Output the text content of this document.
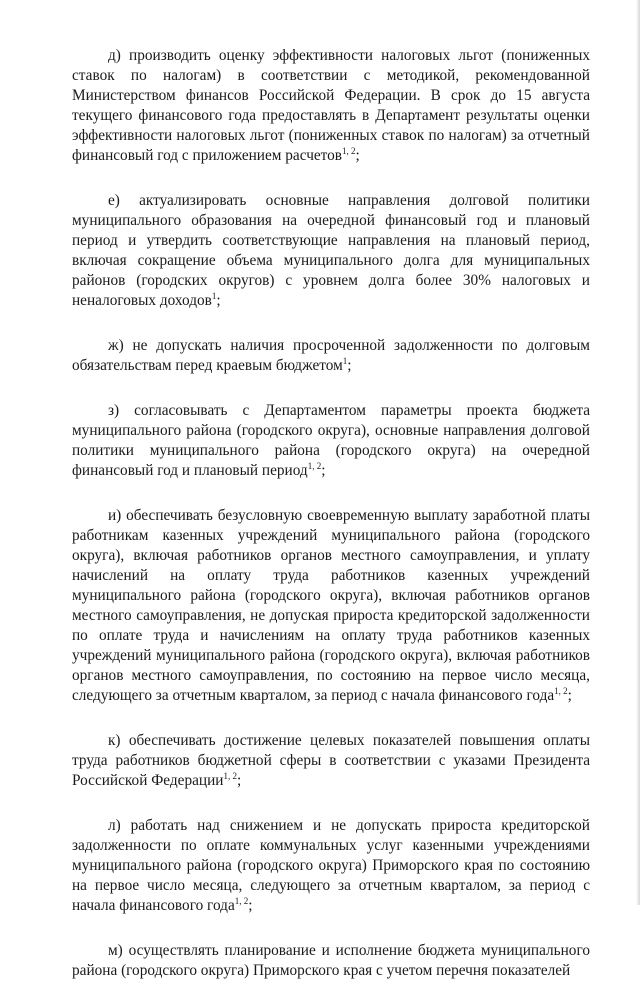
д) производить оценку эффективности налоговых льгот (пониженных ставок по налогам) в соответствии с методикой, рекомендованной Министерством финансов Российской Федерации. В срок до 15 августа текущего финансового года предоставлять в Департамент результаты оценки эффективности налоговых льгот (пониженных ставок по налогам) за отчетный финансовый год с приложением расчетов$^{1, 2}$;

е) актуализировать основные направления долговой политики муниципального образования на очередной финансовый год и плановый период и утвердить соответствующие направления на плановый период, включая сокращение объема муниципального долга для муниципальных районов (городских округов) с уровнем долга более 30% налоговых и неналоговых доходов$^1$;

ж) не допускать наличия просроченной задолженности по долговым обязательствам перед краевым бюджетом$^1$;

з) согласовывать с Департаментом параметры проекта бюджета муниципального района (городского округа), основные направления долговой политики муниципального района (городского округа) на очередной финансовый год и плановый период$^{1, 2}$;

и) обеспечивать безусловную своевременную выплату заработной платы работникам казенных учреждений муниципального района (городского округа), включая работников органов местного самоуправления, и уплату начислений на оплату труда работников казенных учреждений муниципального района (городского округа), включая работников органов местного самоуправления, не допуская прироста кредиторской задолженности по оплате труда и начислениям на оплату труда работников казенных учреждений муниципального района (городского округа), включая работников органов местного самоуправления, по состоянию на первое число месяца, следующего за отчетным кварталом, за период с начала финансового года$^{1, 2}$;

к) обеспечивать достижение целевых показателей повышения оплаты труда работников бюджетной сферы в соответствии с указами Президента Российской Федерации$^{1, 2}$;

л) работать над снижением и не допускать прироста кредиторской задолженности по оплате коммунальных услуг казенными учреждениями муниципального района (городского округа) Приморского края по состоянию на первое число месяца, следующего за отчетным кварталом, за период с начала финансового года$^{1, 2}$;

м) осуществлять планирование и исполнение бюджета муниципального района (городского округа) Приморского края с учетом перечня показателей
